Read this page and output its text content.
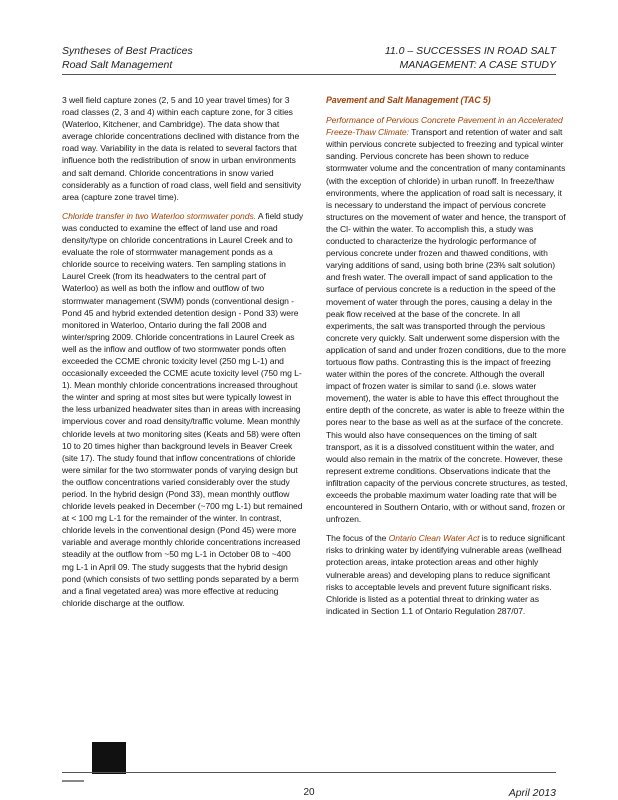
Syntheses of Best Practices
Road Salt Management
11.0 – SUCCESSES IN ROAD SALT
MANAGEMENT: A CASE STUDY

3 well field capture zones (2, 5 and 10 year travel times) for 3 road classes (2, 3 and 4) within each capture zone, for 3 cities (Waterloo, Kitchener, and Cambridge). The data show that average chloride concentrations declined with distance from the road way. Variability in the data is related to several factors that influence both the redistribution of snow in urban environments and salt demand. Chloride concentrations in snow varied considerably as a function of road class, well field and sensitivity area (capture zone travel time).

Chloride transfer in two Waterloo stormwater ponds. A field study was conducted to examine the effect of land use and road density/type on chloride concentrations in Laurel Creek and to evaluate the role of stormwater management ponds as a chloride source to receiving waters. Ten sampling stations in Laurel Creek (from its headwaters to the central part of Waterloo) as well as both the inflow and outflow of two stormwater management (SWM) ponds (conventional design - Pond 45 and hybrid extended detention design - Pond 33) were monitored in Waterloo, Ontario during the fall 2008 and winter/spring 2009. Chloride concentrations in Laurel Creek as well as the inflow and outflow of two stormwater ponds often exceeded the CCME chronic toxicity level (250 mg L-1) and occasionally exceeded the CCME acute toxicity level (750 mg L-1). Mean monthly chloride concentrations increased throughout the winter and spring at most sites but were typically lowest in the less urbanized headwater sites than in areas with increasing impervious cover and road density/traffic volume. Mean monthly chloride levels at two monitoring sites (Keats and 58) were often 10 to 20 times higher than background levels in Beaver Creek (site 17). The study found that inflow concentrations of chloride were similar for the two stormwater ponds of varying design but the outflow concentrations varied considerably over the study period. In the hybrid design (Pond 33), mean monthly outflow chloride levels peaked in December (~700 mg L-1) but remained at < 100 mg L-1 for the remainder of the winter. In contrast, chloride levels in the conventional design (Pond 45) were more variable and average monthly chloride concentrations increased steadily at the outflow from ~50 mg L-1 in October 08 to ~400 mg L-1 in April 09. The study suggests that the hybrid design pond (which consists of two settling ponds separated by a berm and a final vegetated area) was more effective at reducing chloride discharge at the outflow.

Pavement and Salt Management (TAC 5)

Performance of Pervious Concrete Pavement in an Accelerated Freeze-Thaw Climate: Transport and retention of water and salt within pervious concrete subjected to freezing and typical winter sanding. Pervious concrete has been shown to reduce stormwater volume and the concentration of many contaminants (with the exception of chloride) in urban runoff. In freeze/thaw environments, where the application of road salt is necessary, it is necessary to understand the impact of pervious concrete structures on the movement of water and hence, the transport of the Cl- within the water. To accomplish this, a study was conducted to characterize the hydrologic performance of pervious concrete under frozen and thawed conditions, with varying additions of sand, using both brine (23% salt solution) and fresh water. The overall impact of sand application to the surface of pervious concrete is a reduction in the speed of the movement of water through the pores, causing a delay in the peak flow received at the base of the concrete. In all experiments, the salt was transported through the pervious concrete very quickly. Salt underwent some dispersion with the application of sand and under frozen conditions, due to the more tortuous flow paths. Contrasting this is the impact of freezing water within the pores of the concrete. Although the overall impact of frozen water is similar to sand (i.e. slows water movement), the water is able to have this effect throughout the entire depth of the concrete, as water is able to freeze within the pores near to the base as well as at the surface of the concrete. This would also have consequences on the timing of salt transport, as it is a dissolved constituent within the water, and would also remain in the matrix of the concrete. However, these represent extreme conditions. Observations indicate that the infiltration capacity of the pervious concrete structures, as tested, exceeds the probable maximum water loading rate that will be encountered in Southern Ontario, with or without sand, frozen or unfrozen.

The focus of the Ontario Clean Water Act is to reduce significant risks to drinking water by identifying vulnerable areas (wellhead protection areas, intake protection areas and other highly vulnerable areas) and developing plans to reduce significant risks to acceptable levels and prevent future significant risks. Chloride is listed as a potential threat to drinking water as indicated in Section 1.1 of Ontario Regulation 287/07.

20	April 2013
